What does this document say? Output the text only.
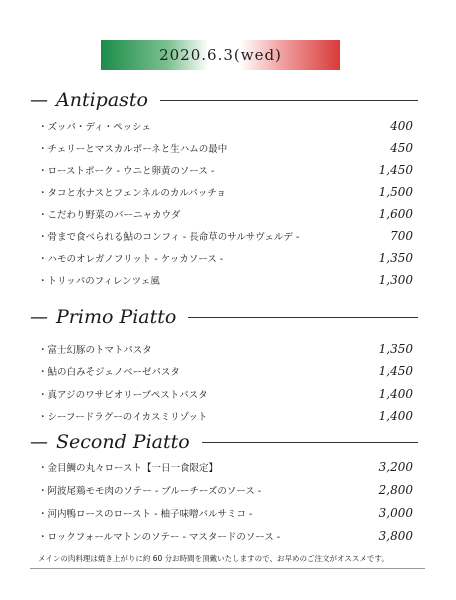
2020.6.3(wed)
— Antipasto
・ズッパ・ディ・ペッシェ	400
・チェリーとマスカルポーネと生ハムの最中	450
・ローストポーク - ウニと卵黄のソース -	1,450
・タコと水ナスとフェンネルのカルパッチョ	1,500
・こだわり野菜のバーニャカウダ	1,600
・骨まで食べられる鮎のコンフィ - 長命草のサルサヴェルデ -	700
・ハモのオレガノフリット - ケッカソース -	1,350
・トリッパのフィレンツェ風	1,300
— Primo Piatto
・富士幻豚のトマトパスタ	1,350
・鮎の白みそジェノベーゼパスタ	1,450
・真アジのワサビオリーブペストパスタ	1,400
・シーフードラグーのイカスミリゾット	1,400
— Second Piatto
・金目鯛の丸々ロースト【一日一食限定】	3,200
・阿波尾鶏モモ肉のソテー - ブルーチーズのソース -	2,800
・河内鴨ロースのロースト - 柚子味噌バルサミコ -	3,000
・ロックフォールマトンのソテー - マスタードのソース -	3,800
メインの肉料理は焼き上がりに約 60 分お時間を頂戴いたしますので、お早めのご注文がオススメです。
